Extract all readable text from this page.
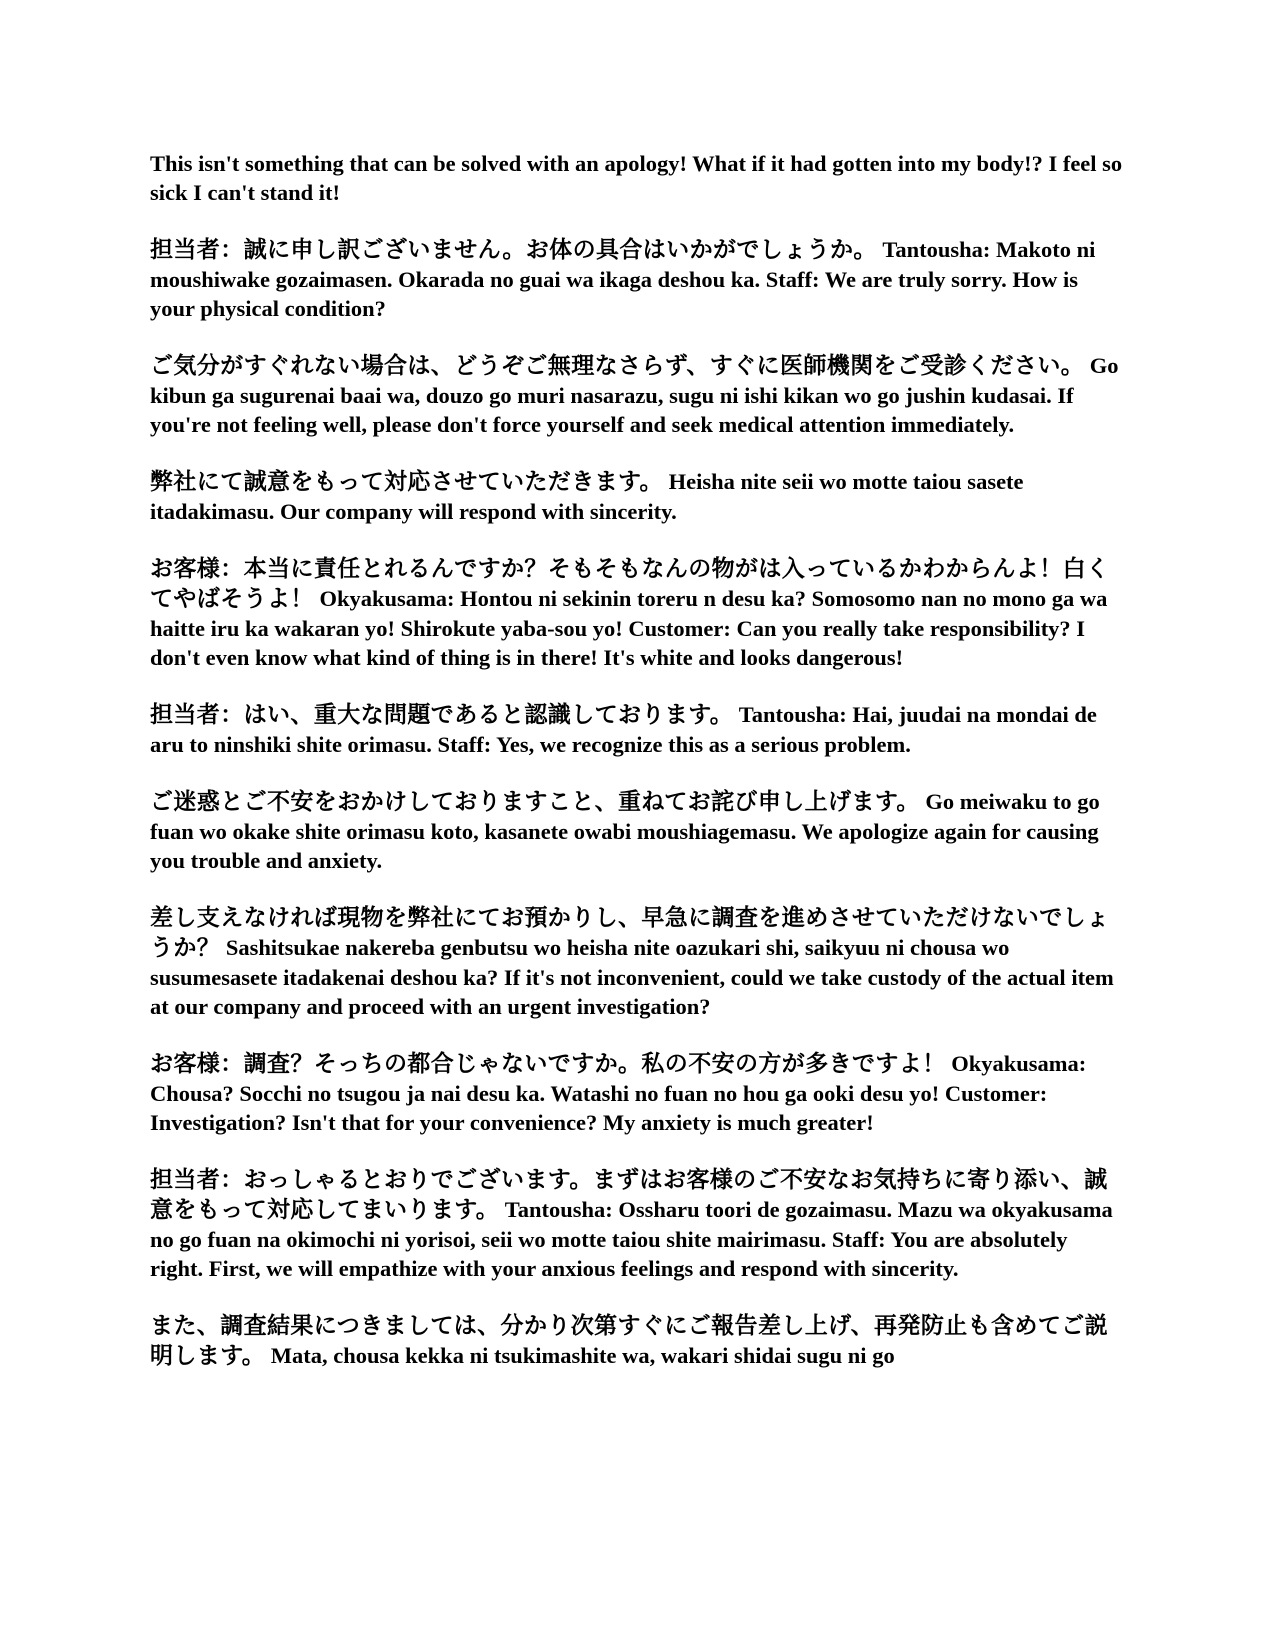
This isn't something that can be solved with an apology! What if it had gotten into my body!? I feel so sick I can't stand it!

担当者：誠に申し訳ございません。お体の具合はいかがでしょうか。 Tantousha: Makoto ni moushiwake gozaimasen. Okarada no guai wa ikaga deshou ka. Staff: We are truly sorry. How is your physical condition?

ご気分がすぐれない場合は、どうぞご無理なさらず、すぐに医師機関をご受診ください。 Go kibun ga sugurenai baai wa, douzo go muri nasarazu, sugu ni ishi kikan wo go jushin kudasai. If you're not feeling well, please don't force yourself and seek medical attention immediately.

弊社にて誠意をもって対応させていただきます。 Heisha nite seii wo motte taiou sasete itadakimasu. Our company will respond with sincerity.

お客様：本当に責任とれるんですか？そもそもなんの物がは入っているかわからんよ！白くてやばそうよ！ Okyakusama: Hontou ni sekinin toreru n desu ka? Somosomo nan no mono ga wa haitte iru ka wakaran yo! Shirokute yaba-sou yo! Customer: Can you really take responsibility? I don't even know what kind of thing is in there! It's white and looks dangerous!

担当者：はい、重大な問題であると認識しております。 Tantousha: Hai, juudai na mondai de aru to ninshiki shite orimasu. Staff: Yes, we recognize this as a serious problem.

ご迷惑とご不安をおかけしておりますこと、重ねてお詫び申し上げます。 Go meiwaku to go fuan wo okake shite orimasu koto, kasanete owabi moushiagemasu. We apologize again for causing you trouble and anxiety.

差し支えなければ現物を弊社にてお預かりし、早急に調査を進めさせていただけないでしょうか？ Sashitsukae nakereba genbutsu wo heisha nite oazukari shi, saikyuu ni chousa wo susumesasete itadakenai deshou ka? If it's not inconvenient, could we take custody of the actual item at our company and proceed with an urgent investigation?

お客様：調査？そっちの都合じゃないですか。私の不安の方が多きですよ！ Okyakusama: Chousa? Socchi no tsugou ja nai desu ka. Watashi no fuan no hou ga ooki desu yo! Customer: Investigation? Isn't that for your convenience? My anxiety is much greater!

担当者：おっしゃるとおりでございます。まずはお客様のご不安なお気持ちに寄り添い、誠意をもって対応してまいります。 Tantousha: Ossharu toori de gozaimasu. Mazu wa okyakusama no go fuan na okimochi ni yorisoi, seii wo motte taiou shite mairimasu. Staff: You are absolutely right. First, we will empathize with your anxious feelings and respond with sincerity.

また、調査結果につきましては、分かり次第すぐにご報告差し上げ、再発防止も含めてご説明します。 Mata, chousa kekka ni tsukimashite wa, wakari shidai sugu ni go
